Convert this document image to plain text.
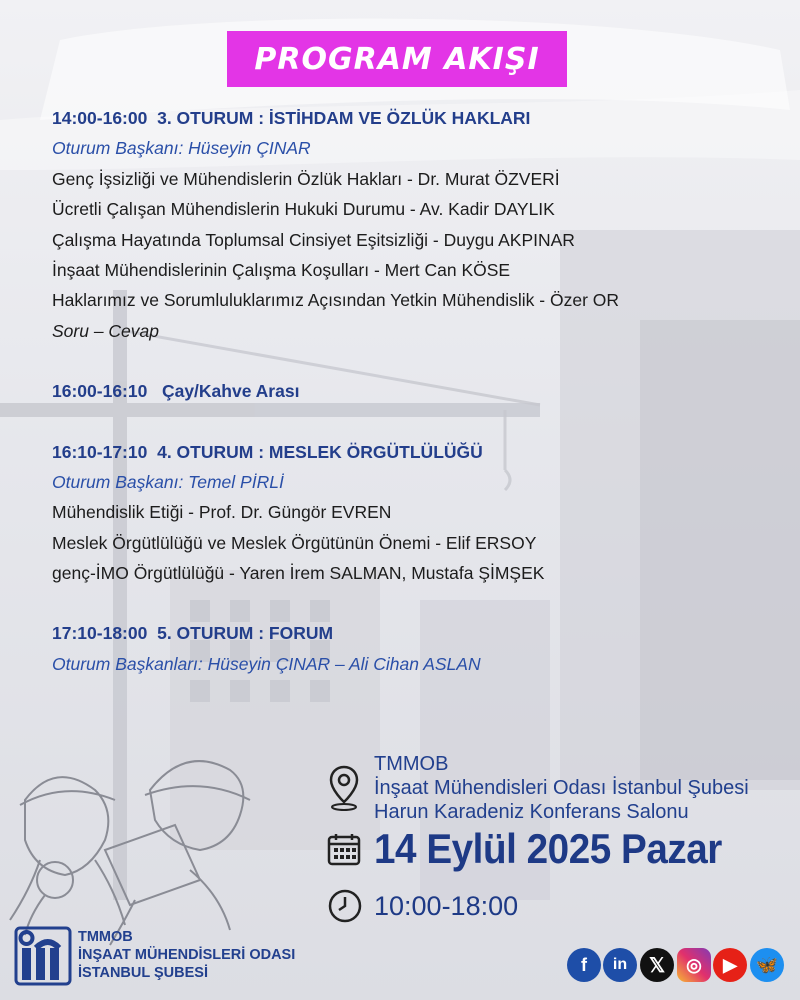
PROGRAM AKIŞI
14:00-16:00 3. OTURUM : İSTİHDAM VE ÖZLÜK HAKLARI
Oturum Başkanı: Hüseyin ÇINAR
Genç İşsizliği ve Mühendislerin Özlük Hakları - Dr. Murat ÖZVERİ
Ücretli Çalışan Mühendislerin Hukuki Durumu - Av. Kadir DAYLIK
Çalışma Hayatında Toplumsal Cinsiyet Eşitsizliği - Duygu AKPINAR
İnşaat Mühendislerinin Çalışma Koşulları - Mert Can KÖSE
Haklarımız ve Sorumluluklarımız Açısından Yetkin Mühendislik - Özer OR
Soru – Cevap
16:00-16:10 Çay/Kahve Arası
16:10-17:10 4. OTURUM : MESLEK ÖRGÜTLÜLÜĞÜ
Oturum Başkanı: Temel PİRLİ
Mühendislik Etiği - Prof. Dr. Güngör EVREN
Meslek Örgütlülüğü ve Meslek Örgütünün Önemi - Elif ERSOY
genç-İMO Örgütlülüğü - Yaren İrem SALMAN, Mustafa ŞİMŞEK
17:10-18:00 5. OTURUM : FORUM
Oturum Başkanları: Hüseyin ÇINAR – Ali Cihan ASLAN
TMMOB
İnşaat Mühendisleri Odası İstanbul Şubesi
Harun Karadeniz Konferans Salonu
14 Eylül 2025 Pazar
10:00-18:00
TMMOB
İNŞAAT MÜHENDİSLERİ ODASI
İSTANBUL ŞUBESİ	f	in	𝕏	◎	▶	🦋
